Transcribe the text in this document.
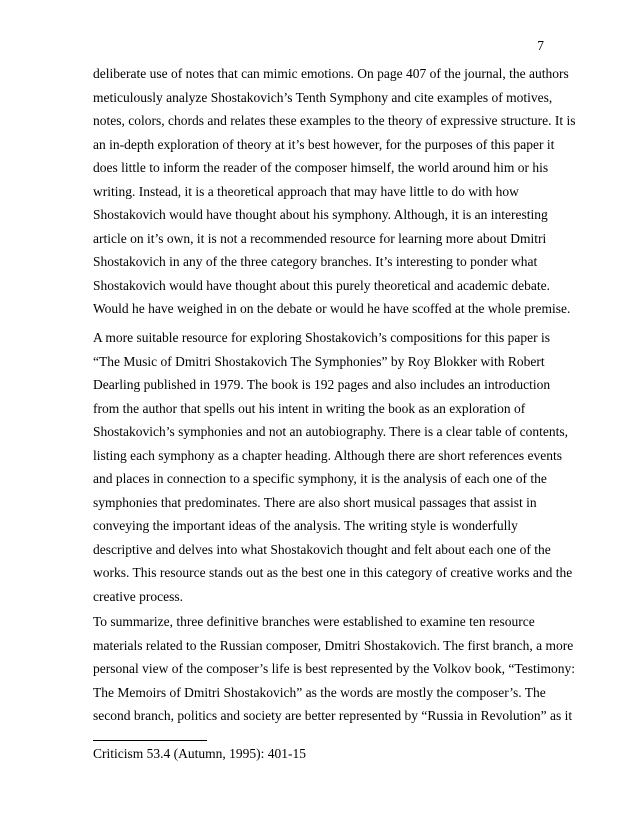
7
deliberate use of notes that can mimic emotions. On page 407 of the journal, the authors
meticulously analyze Shostakovich’s Tenth Symphony and cite examples of motives,
notes, colors, chords and relates these examples to the theory of expressive structure. It is
an in-depth exploration of theory at it’s best however, for the purposes of this paper it
does little to inform the reader of the composer himself, the world around him or his
writing. Instead, it is a theoretical approach that may have little to do with how
Shostakovich would have thought about his symphony. Although, it is an interesting
article on it’s own, it is not a recommended resource for learning more about Dmitri
Shostakovich in any of the three category branches. It’s interesting to ponder what
Shostakovich would have thought about this purely theoretical and academic debate.
Would he have weighed in on the debate or would he have scoffed at the whole premise.
A more suitable resource for exploring Shostakovich’s compositions for this paper is
“The Music of Dmitri Shostakovich The Symphonies” by Roy Blokker with Robert
Dearling published in 1979. The book is 192 pages and also includes an introduction
from the author that spells out his intent in writing the book as an exploration of
Shostakovich’s symphonies and not an autobiography. There is a clear table of contents,
listing each symphony as a chapter heading. Although there are short references events
and places in connection to a specific symphony, it is the analysis of each one of the
symphonies that predominates. There are also short musical passages that assist in
conveying the important ideas of the analysis. The writing style is wonderfully
descriptive and delves into what Shostakovich thought and felt about each one of the
works. This resource stands out as the best one in this category of creative works and the
creative process.
To summarize, three definitive branches were established to examine ten resource
materials related to the Russian composer, Dmitri Shostakovich. The first branch, a more
personal view of the composer’s life is best represented by the Volkov book, “Testimony:
The Memoirs of Dmitri Shostakovich” as the words are mostly the composer’s. The
second branch, politics and society are better represented by “Russia in Revolution” as it
Criticism 53.4 (Autumn, 1995): 401-15
